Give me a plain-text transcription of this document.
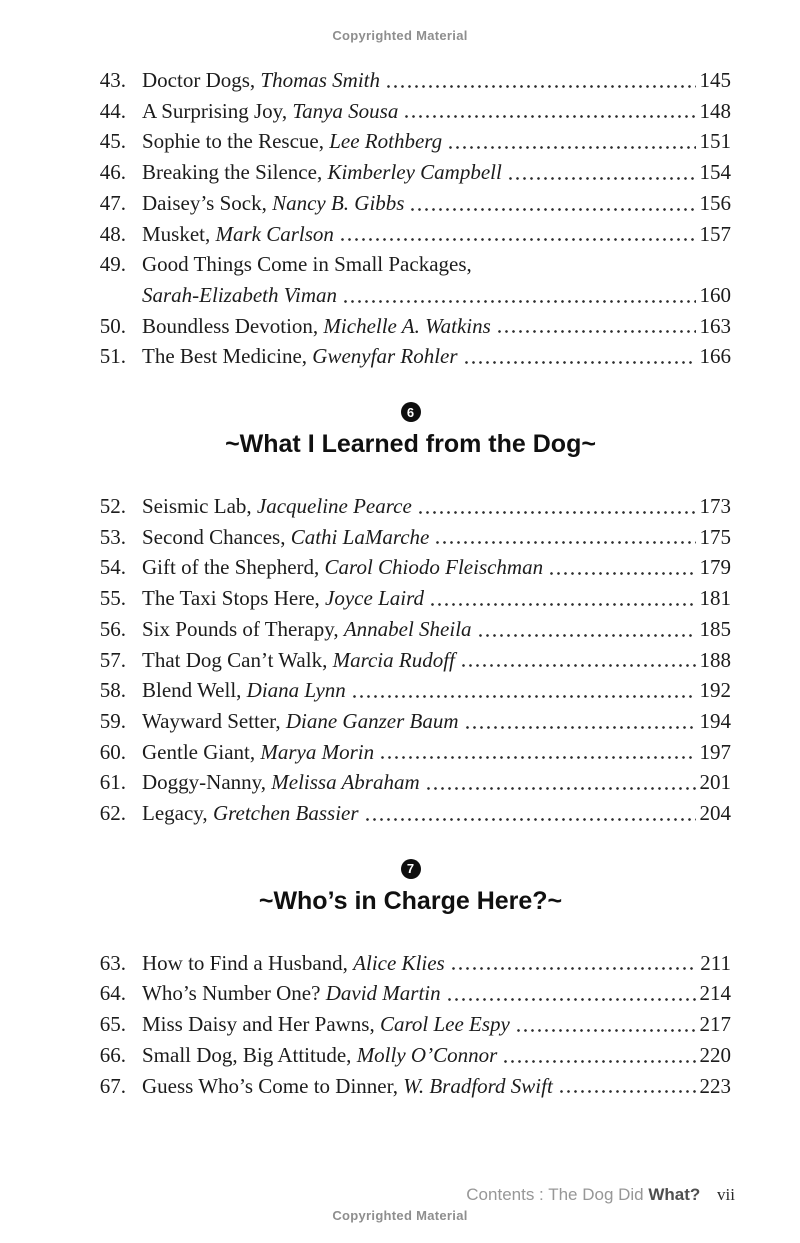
Copyrighted Material
43. Doctor Dogs, Thomas Smith	145
44. A Surprising Joy, Tanya Sousa	148
45. Sophie to the Rescue, Lee Rothberg	151
46. Breaking the Silence, Kimberley Campbell	154
47. Daisey’s Sock, Nancy B. Gibbs	156
48. Musket, Mark Carlson	157
49. Good Things Come in Small Packages,
Sarah-Elizabeth Viman	160
50. Boundless Devotion, Michelle A. Watkins	163
51. The Best Medicine, Gwenyfar Rohler	166
6
~What I Learned from the Dog~
52. Seismic Lab, Jacqueline Pearce	173
53. Second Chances, Cathi LaMarche	175
54. Gift of the Shepherd, Carol Chiodo Fleischman	179
55. The Taxi Stops Here, Joyce Laird	181
56. Six Pounds of Therapy, Annabel Sheila	185
57. That Dog Can’t Walk, Marcia Rudoff	188
58. Blend Well, Diana Lynn	192
59. Wayward Setter, Diane Ganzer Baum	194
60. Gentle Giant, Marya Morin	197
61. Doggy-Nanny, Melissa Abraham	201
62. Legacy, Gretchen Bassier	204
7
~Who’s in Charge Here?~
63. How to Find a Husband, Alice Klies	211
64. Who’s Number One? David Martin	214
65. Miss Daisy and Her Pawns, Carol Lee Espy	217
66. Small Dog, Big Attitude, Molly O’Connor	220
67. Guess Who’s Come to Dinner, W. Bradford Swift	223
Contents : The Dog Did What? vii
Copyrighted Material
